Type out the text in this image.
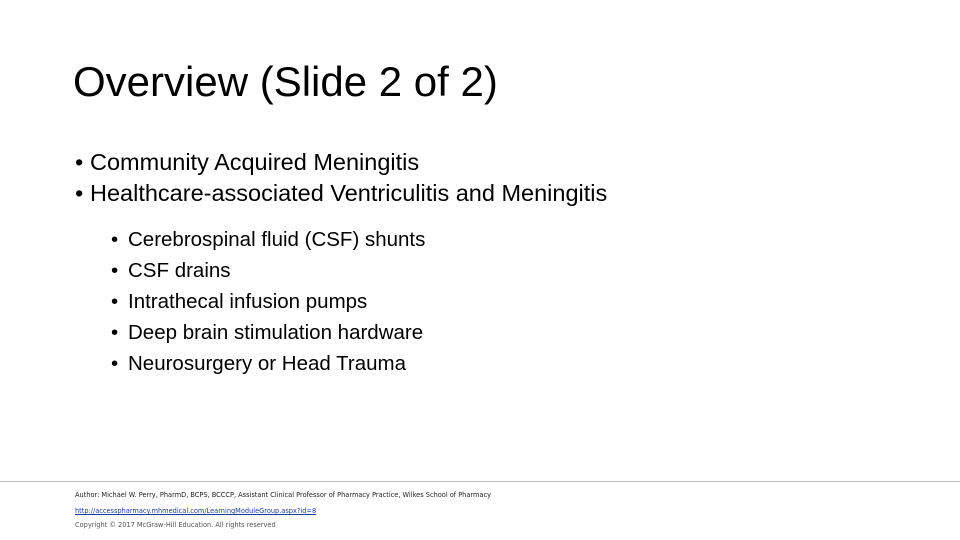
Overview (Slide 2 of 2)
• Community Acquired Meningitis
• Healthcare-associated Ventriculitis and Meningitis
• Cerebrospinal fluid (CSF) shunts
• CSF drains
• Intrathecal infusion pumps
• Deep brain stimulation hardware
• Neurosurgery or Head Trauma
Author: Michael W. Perry, PharmD, BCPS, BCCCP, Assistant Clinical Professor of Pharmacy Practice, Wilkes School of Pharmacy
http://accesspharmacy.mhmedical.com/LearningModuleGroup.aspx?id=8
Copyright © 2017 McGraw-Hill Education. All rights reserved
